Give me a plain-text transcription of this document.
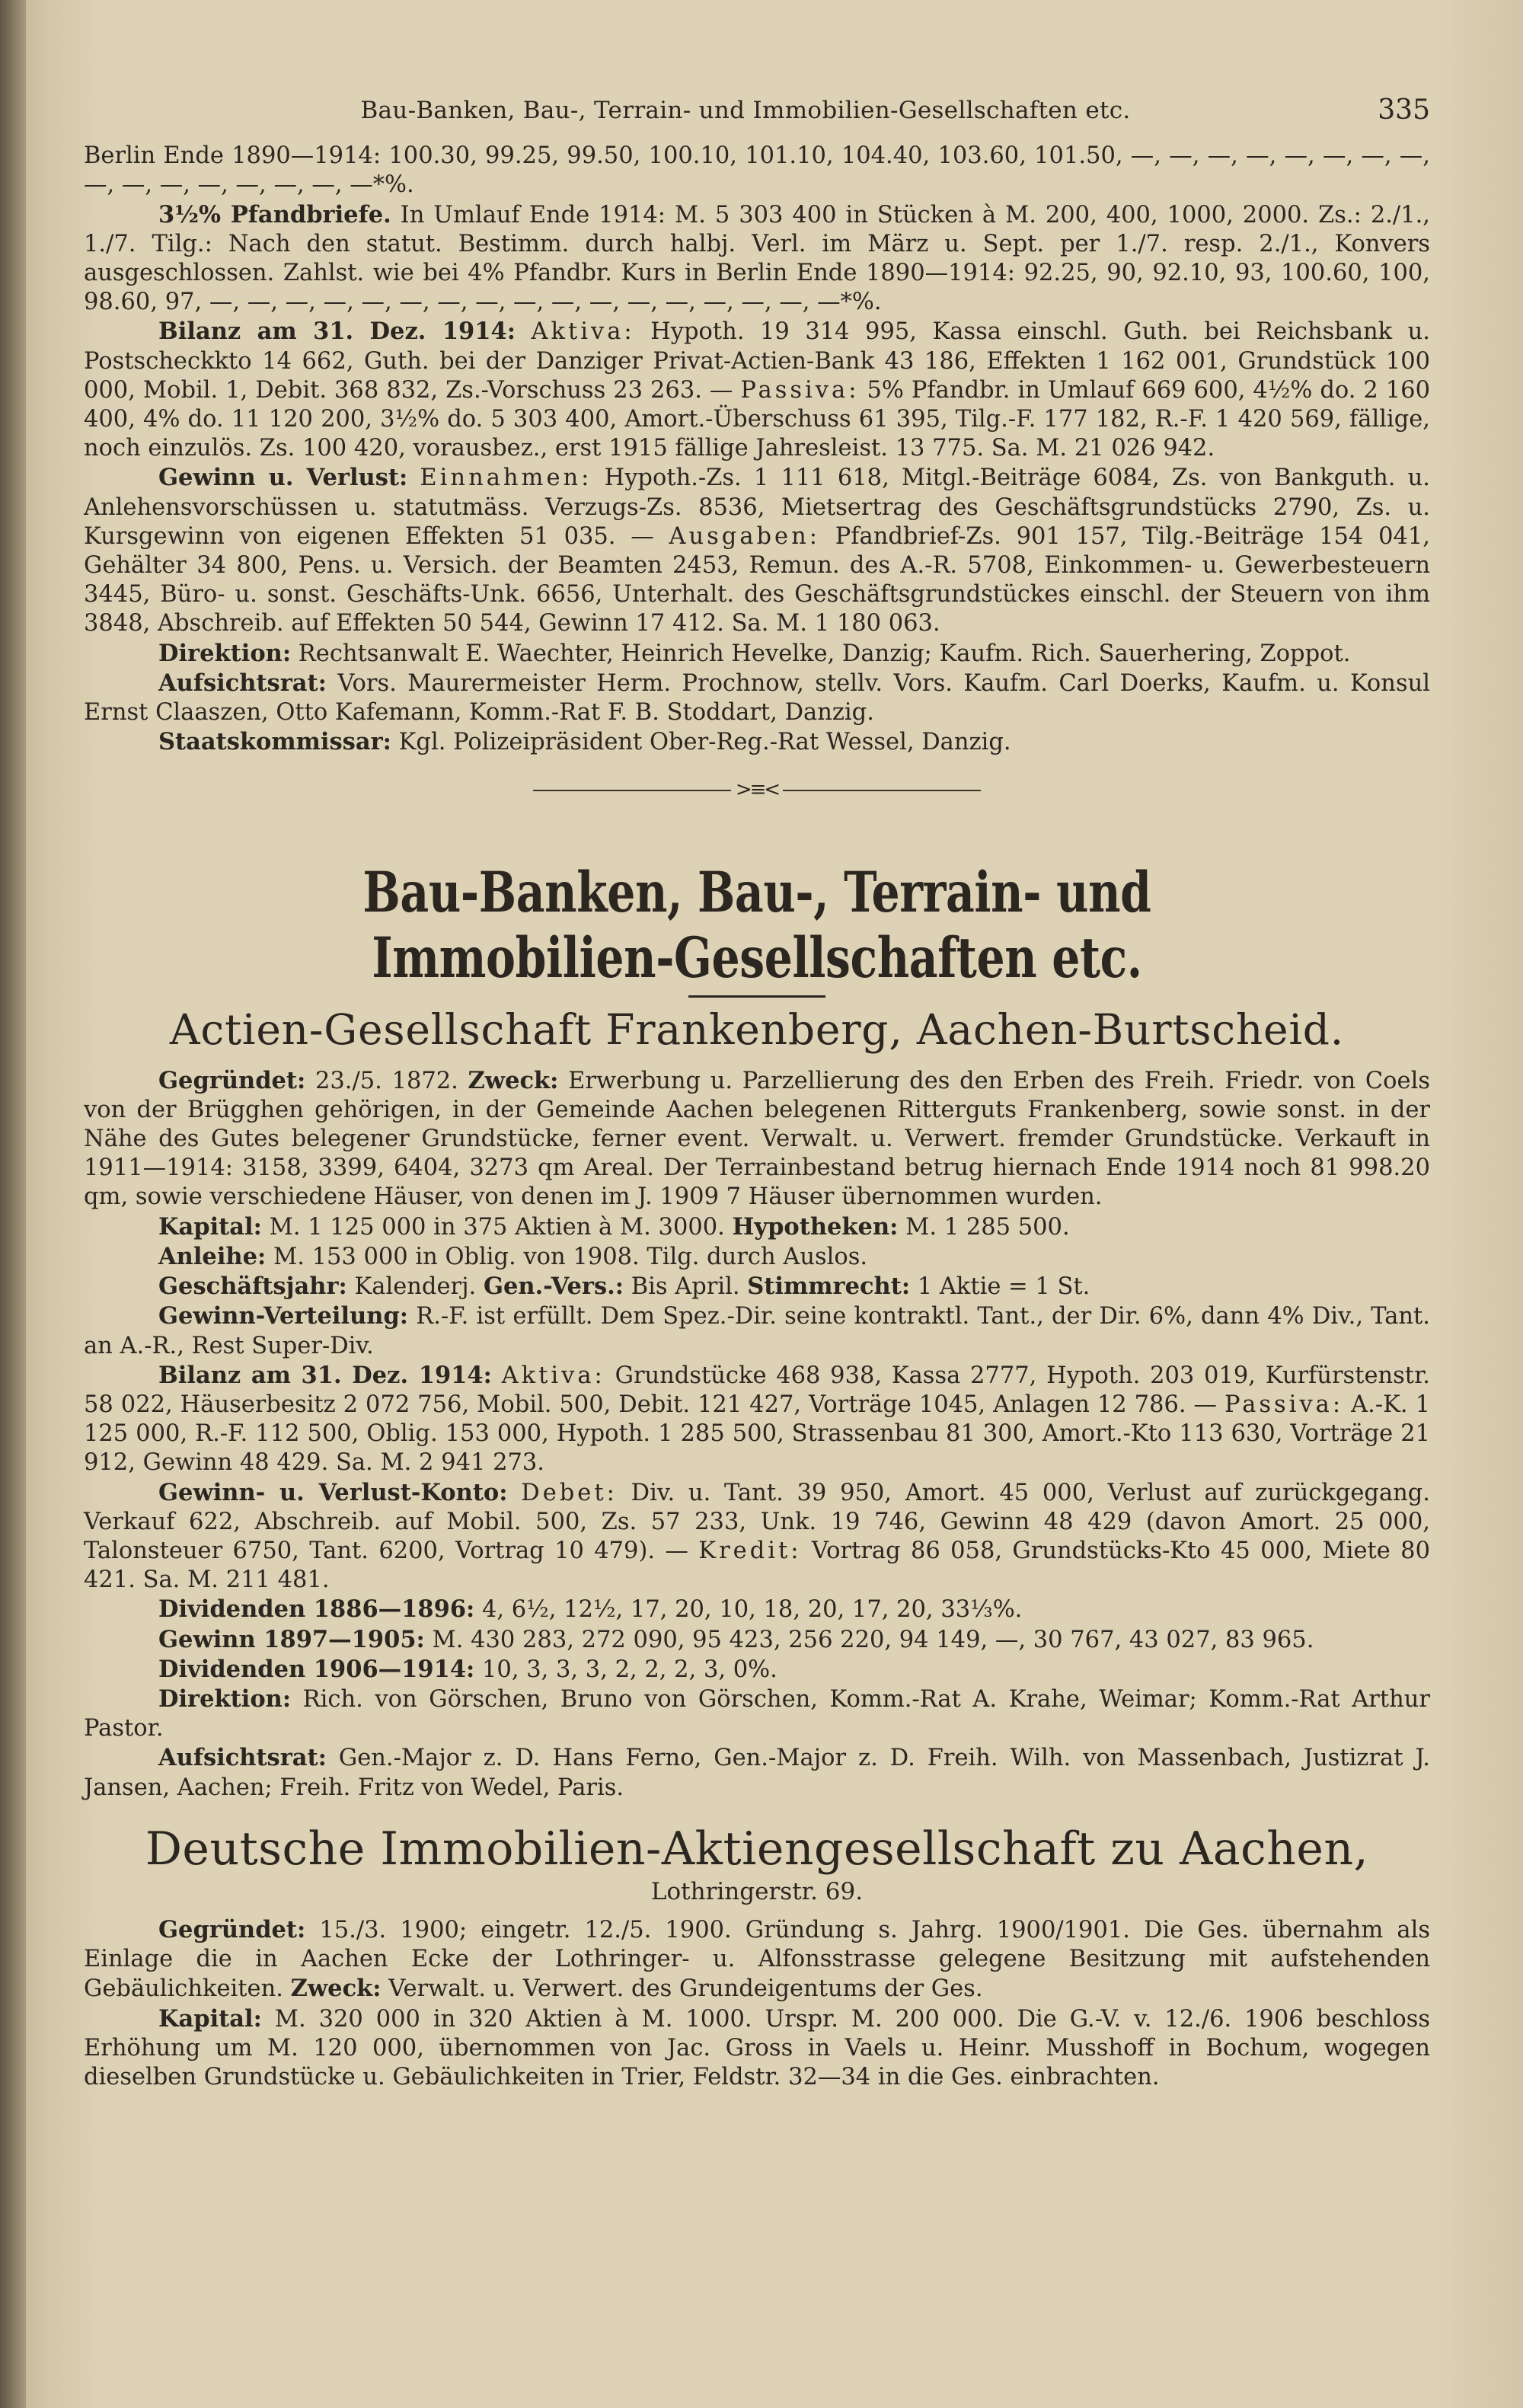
Bau-Banken, Bau-, Terrain- und Immobilien-Gesellschaften etc.	335

Berlin Ende 1890—1914: 100.30, 99.25, 99.50, 100.10, 101.10, 104.40, 103.60, 101.50, —, —, —, —, —, —, —, —, —, —, —, —, —, —, —, —*%.

3½% Pfandbriefe. In Umlauf Ende 1914: M. 5 303 400 in Stücken à M. 200, 400, 1000, 2000. Zs.: 2./1., 1./7. Tilg.: Nach den statut. Bestimm. durch halbj. Verl. im März u. Sept. per 1./7. resp. 2./1., Konvers ausgeschlossen. Zahlst. wie bei 4% Pfandbr. Kurs in Berlin Ende 1890—1914: 92.25, 90, 92.10, 93, 100.60, 100, 98.60, 97, —, —, —, —, —, —, —, —, —, —, —, —, —, —, —, —, —*%.

Bilanz am 31. Dez. 1914: Aktiva: Hypoth. 19 314 995, Kassa einschl. Guth. bei Reichsbank u. Postscheckkto 14 662, Guth. bei der Danziger Privat-Actien-Bank 43 186, Effekten 1 162 001, Grundstück 100 000, Mobil. 1, Debit. 368 832, Zs.-Vorschuss 23 263. — Passiva: 5% Pfandbr. in Umlauf 669 600, 4½% do. 2 160 400, 4% do. 11 120 200, 3½% do. 5 303 400, Amort.-Überschuss 61 395, Tilg.-F. 177 182, R.-F. 1 420 569, fällige, noch einzulös. Zs. 100 420, vorausbez., erst 1915 fällige Jahresleist. 13 775. Sa. M. 21 026 942.

Gewinn u. Verlust: Einnahmen: Hypoth.-Zs. 1 111 618, Mitgl.-Beiträge 6084, Zs. von Bankguth. u. Anlehensvorschüssen u. statutmäss. Verzugs-Zs. 8536, Mietsertrag des Geschäftsgrundstücks 2790, Zs. u. Kursgewinn von eigenen Effekten 51 035. — Ausgaben: Pfandbrief-Zs. 901 157, Tilg.-Beiträge 154 041, Gehälter 34 800, Pens. u. Versich. der Beamten 2453, Remun. des A.-R. 5708, Einkommen- u. Gewerbesteuern 3445, Büro- u. sonst. Geschäfts-Unk. 6656, Unterhalt. des Geschäftsgrundstückes einschl. der Steuern von ihm 3848, Abschreib. auf Effekten 50 544, Gewinn 17 412. Sa. M. 1 180 063.

Direktion: Rechtsanwalt E. Waechter, Heinrich Hevelke, Danzig; Kaufm. Rich. Sauerhering, Zoppot.

Aufsichtsrat: Vors. Maurermeister Herm. Prochnow, stellv. Vors. Kaufm. Carl Doerks, Kaufm. u. Konsul Ernst Claaszen, Otto Kafemann, Komm.-Rat F. B. Stoddart, Danzig.

Staatskommissar: Kgl. Polizeipräsident Ober-Reg.-Rat Wessel, Danzig.

>≡<
Bau-Banken, Bau-, Terrain- und Immobilien-Gesellschaften etc.
Actien-Gesellschaft Frankenberg, Aachen-Burtscheid.

Gegründet: 23./5. 1872. Zweck: Erwerbung u. Parzellierung des den Erben des Freih. Friedr. von Coels von der Brügghen gehörigen, in der Gemeinde Aachen belegenen Ritterguts Frankenberg, sowie sonst. in der Nähe des Gutes belegener Grundstücke, ferner event. Verwalt. u. Verwert. fremder Grundstücke. Verkauft in 1911—1914: 3158, 3399, 6404, 3273 qm Areal. Der Terrainbestand betrug hiernach Ende 1914 noch 81 998.20 qm, sowie verschiedene Häuser, von denen im J. 1909 7 Häuser übernommen wurden.

Kapital: M. 1 125 000 in 375 Aktien à M. 3000. Hypotheken: M. 1 285 500.

Anleihe: M. 153 000 in Oblig. von 1908. Tilg. durch Auslos.

Geschäftsjahr: Kalenderj. Gen.-Vers.: Bis April. Stimmrecht: 1 Aktie = 1 St.

Gewinn-Verteilung: R.-F. ist erfüllt. Dem Spez.-Dir. seine kontraktl. Tant., der Dir. 6%, dann 4% Div., Tant. an A.-R., Rest Super-Div.

Bilanz am 31. Dez. 1914: Aktiva: Grundstücke 468 938, Kassa 2777, Hypoth. 203 019, Kurfürstenstr. 58 022, Häuserbesitz 2 072 756, Mobil. 500, Debit. 121 427, Vorträge 1045, Anlagen 12 786. — Passiva: A.-K. 1 125 000, R.-F. 112 500, Oblig. 153 000, Hypoth. 1 285 500, Strassenbau 81 300, Amort.-Kto 113 630, Vorträge 21 912, Gewinn 48 429. Sa. M. 2 941 273.

Gewinn- u. Verlust-Konto: Debet: Div. u. Tant. 39 950, Amort. 45 000, Verlust auf zurückgegang. Verkauf 622, Abschreib. auf Mobil. 500, Zs. 57 233, Unk. 19 746, Gewinn 48 429 (davon Amort. 25 000, Talonsteuer 6750, Tant. 6200, Vortrag 10 479). — Kredit: Vortrag 86 058, Grundstücks-Kto 45 000, Miete 80 421. Sa. M. 211 481.

Dividenden 1886—1896: 4, 6½, 12½, 17, 20, 10, 18, 20, 17, 20, 33⅓%.

Gewinn 1897—1905: M. 430 283, 272 090, 95 423, 256 220, 94 149, —, 30 767, 43 027, 83 965.

Dividenden 1906—1914: 10, 3, 3, 3, 2, 2, 2, 3, 0%.

Direktion: Rich. von Görschen, Bruno von Görschen, Komm.-Rat A. Krahe, Weimar; Komm.-Rat Arthur Pastor.

Aufsichtsrat: Gen.-Major z. D. Hans Ferno, Gen.-Major z. D. Freih. Wilh. von Massenbach, Justizrat J. Jansen, Aachen; Freih. Fritz von Wedel, Paris.

Deutsche Immobilien-Aktiengesellschaft zu Aachen,
Lothringerstr. 69.

Gegründet: 15./3. 1900; eingetr. 12./5. 1900. Gründung s. Jahrg. 1900/1901. Die Ges. übernahm als Einlage die in Aachen Ecke der Lothringer- u. Alfonsstrasse gelegene Besitzung mit aufstehenden Gebäulichkeiten. Zweck: Verwalt. u. Verwert. des Grundeigentums der Ges.

Kapital: M. 320 000 in 320 Aktien à M. 1000. Urspr. M. 200 000. Die G.-V. v. 12./6. 1906 beschloss Erhöhung um M. 120 000, übernommen von Jac. Gross in Vaels u. Heinr. Musshoff in Bochum, wogegen dieselben Grundstücke u. Gebäulichkeiten in Trier, Feldstr. 32—34 in die Ges. einbrachten.
